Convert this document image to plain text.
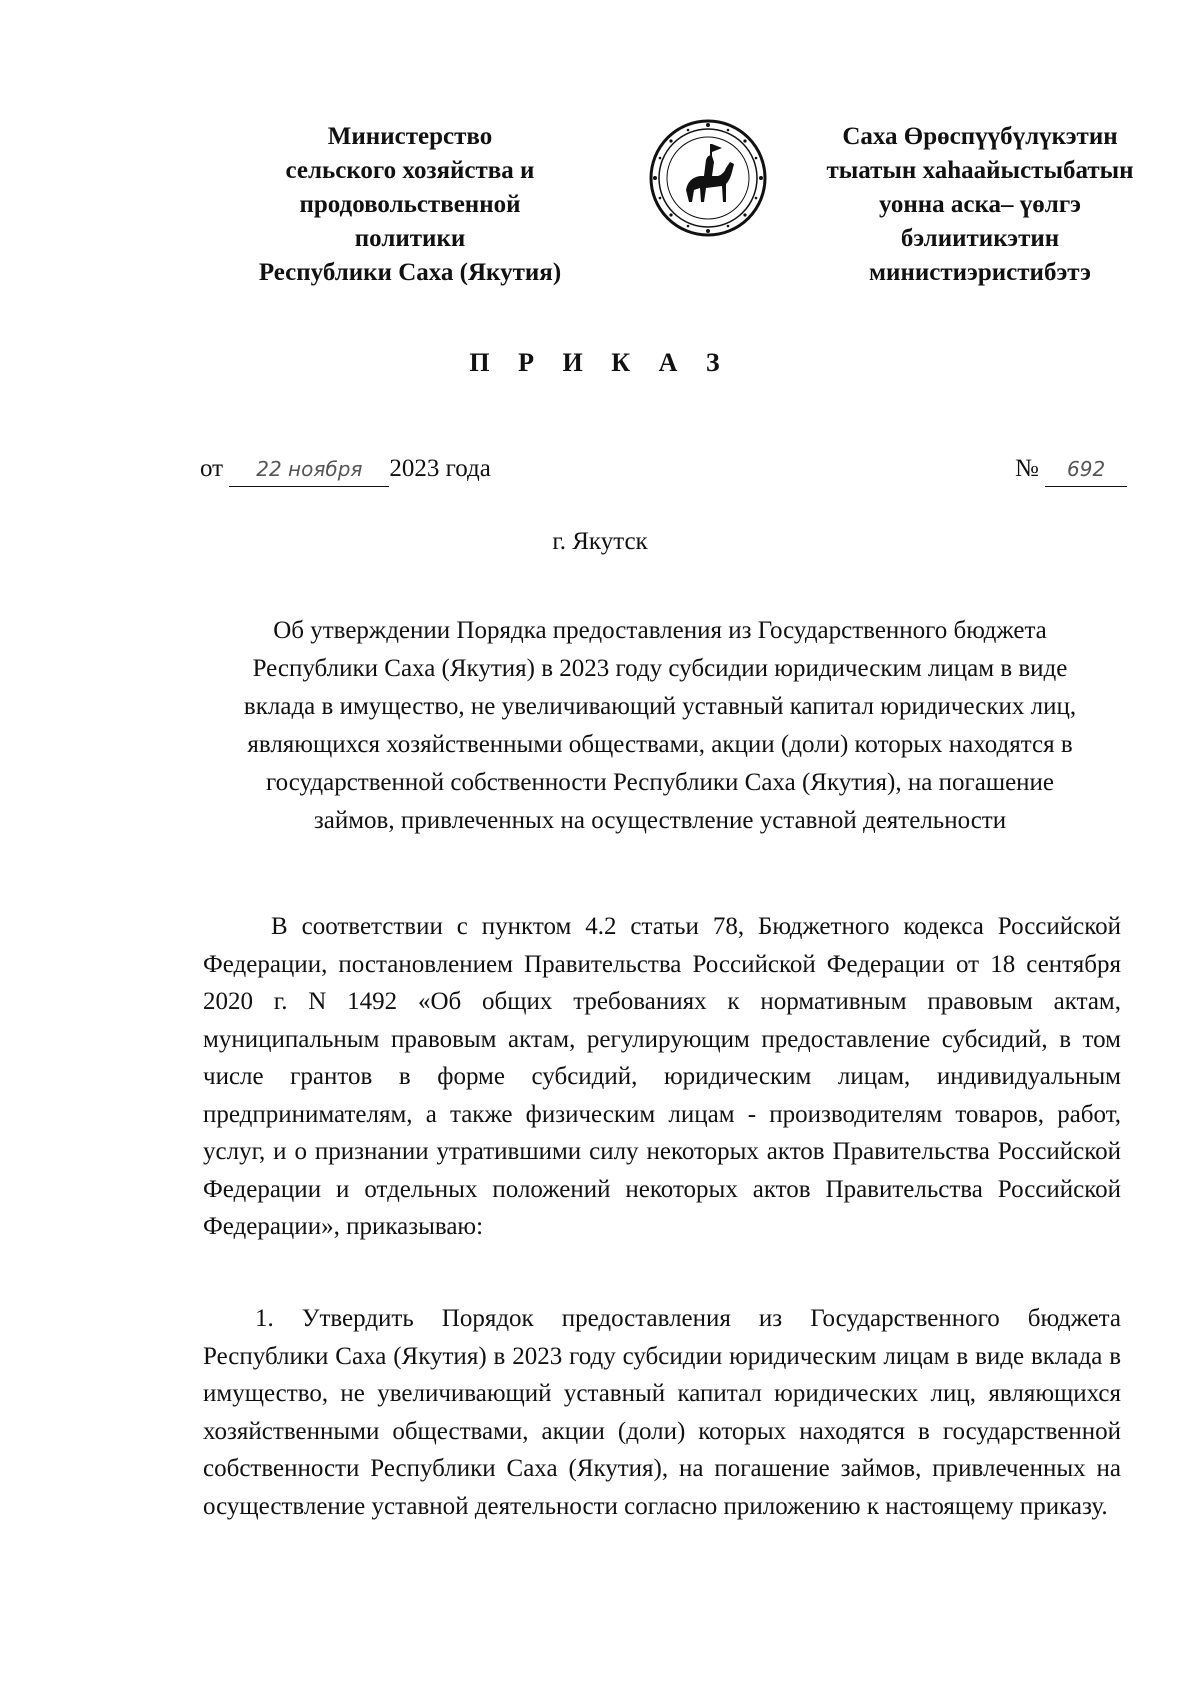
Министерство
сельского хозяйства и
продовольственной
политики
Республики Саха (Якутия)
Саха Өрөспүүбүлүкэтин
тыатын хаhаайыстыбатын
уонна аска– үөлгэ
бэлиитикэтин
министиэристибэтэ
П Р И К А З
от 22 ноября 2023 года	№ 692
г. Якутск
Об утверждении Порядка предоставления из Государственного бюджета
Республики Саха (Якутия) в 2023 году субсидии юридическим лицам в виде
вклада в имущество, не увеличивающий уставный капитал юридических лиц,
являющихся хозяйственными обществами, акции (доли) которых находятся в
государственной собственности Республики Саха (Якутия), на погашение
займов, привлеченных на осуществление уставной деятельности
В соответствии с пунктом 4.2 статьи 78, Бюджетного кодекса Российской Федерации, постановлением Правительства Российской Федерации от 18 сентября 2020 г. N 1492 «Об общих требованиях к нормативным правовым актам, муниципальным правовым актам, регулирующим предоставление субсидий, в том числе грантов в форме субсидий, юридическим лицам, индивидуальным предпринимателям, а также физическим лицам - производителям товаров, работ, услуг, и о признании утратившими силу некоторых актов Правительства Российской Федерации и отдельных положений некоторых актов Правительства Российской Федерации», приказываю:
1. Утвердить Порядок предоставления из Государственного бюджета Республики Саха (Якутия) в 2023 году субсидии юридическим лицам в виде вклада в имущество, не увеличивающий уставный капитал юридических лиц, являющихся хозяйственными обществами, акции (доли) которых находятся в государственной собственности Республики Саха (Якутия), на погашение займов, привлеченных на осуществление уставной деятельности согласно приложению к настоящему приказу.
